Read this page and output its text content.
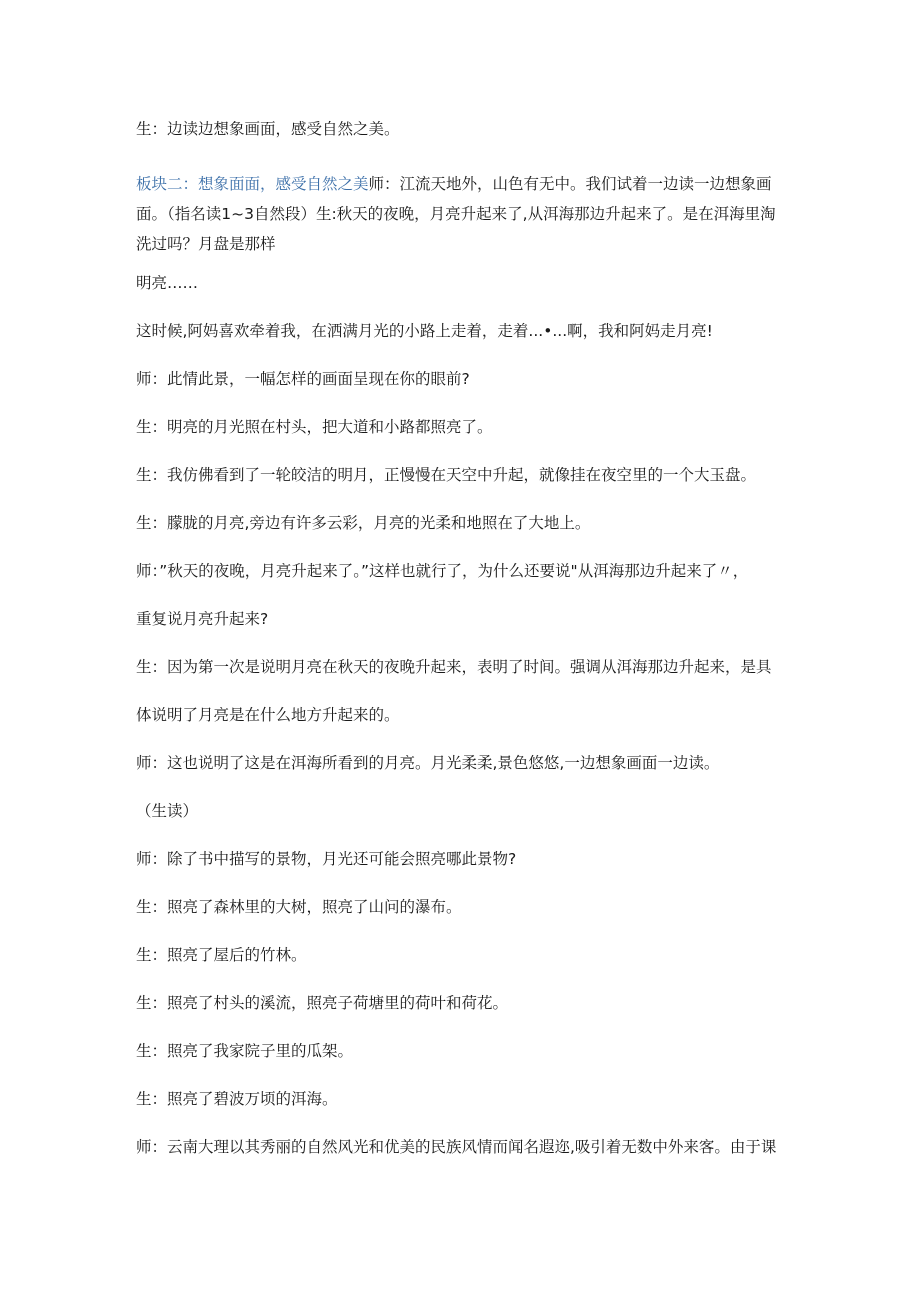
生：边读边想象画面，感受自然之美。
板块二：想象面面，感受自然之美师：江流天地外，山色有无中。我们试着一边读一边想象画面。（指名读1~3自然段）生:秋天的夜晚，月亮升起来了,从洱海那边升起来了。是在洱海里淘洗过吗？月盘是那样
明亮……
这时候,阿妈喜欢牵着我，在洒满月光的小路上走着，走着...•...啊，我和阿妈走月亮!
师：此情此景，一幅怎样的画面呈现在你的眼前?
生：明亮的月光照在村头，把大道和小路都照亮了。
生：我仿佛看到了一轮皎洁的明月，正慢慢在天空中升起，就像挂在夜空里的一个大玉盘。
生：朦胧的月亮,旁边有许多云彩，月亮的光柔和地照在了大地上。
师：”秋天的夜晚，月亮升起来了。”这样也就行了，为什么还要说"从洱海那边升起来了〃，
重复说月亮升起来?
生：因为第一次是说明月亮在秋天的夜晚升起来，表明了时间。强调从洱海那边升起来，是具
体说明了月亮是在什么地方升起来的。
师：这也说明了这是在洱海所看到的月亮。月光柔柔,景色悠悠,一边想象画面一边读。
（生读）
师：除了书中描写的景物，月光还可能会照亮哪此景物?
生：照亮了森林里的大树，照亮了山问的瀑布。
生：照亮了屋后的竹林。
生：照亮了村头的溪流，照亮子荷塘里的荷叶和荷花。
生：照亮了我家院子里的瓜架。
生：照亮了碧波万顷的洱海。
师：云南大理以其秀丽的自然风光和优美的民族风情而闻名遐迩,吸引着无数中外来客。由于课
